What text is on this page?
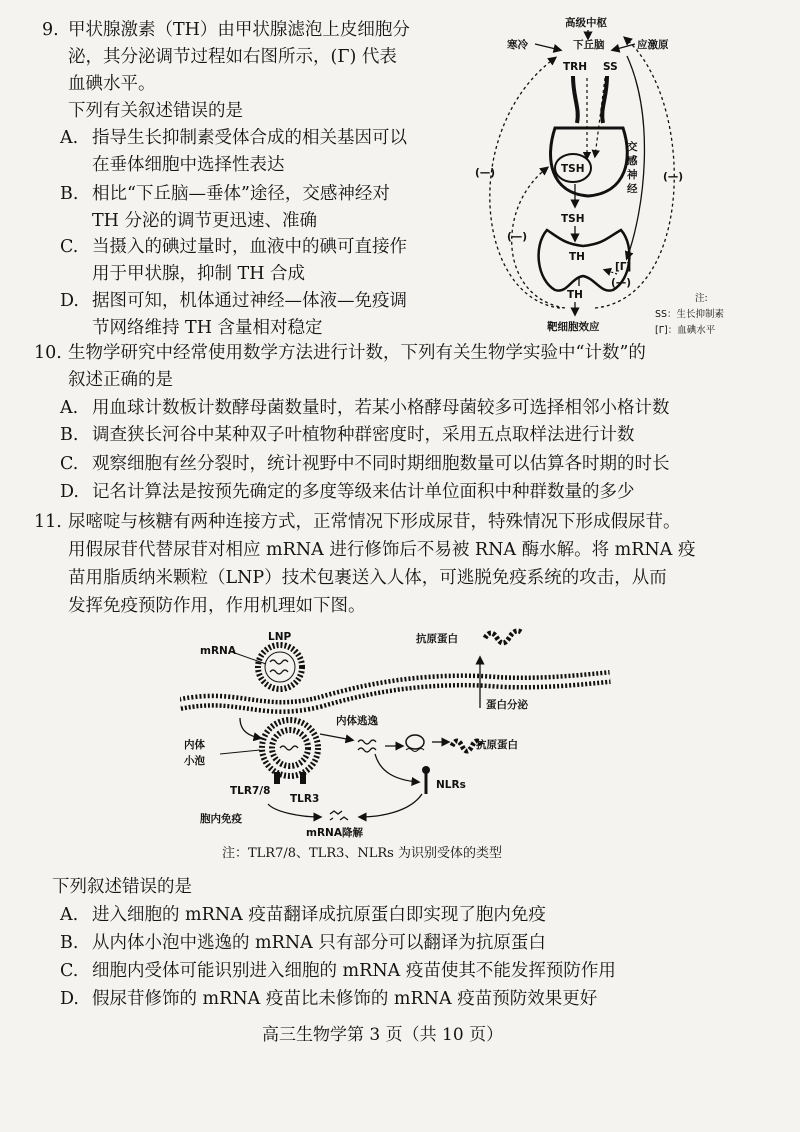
9. 甲状腺激素（TH）由甲状腺滤泡上皮细胞分
泌，其分泌调节过程如右图所示，(Γ) 代表
血碘水平。
下列有关叙述错误的是
A. 指导生长抑制素受体合成的相关基因可以
在垂体细胞中选择性表达
B. 相比“下丘脑—垂体”途径，交感神经对
TH 分泌的调节更迅速、准确
C. 当摄入的碘过量时，血液中的碘可直接作
用于甲状腺，抑制 TH 合成
D. 据图可知，机体通过神经—体液—免疫调
节网络维持 TH 含量相对稳定
高级中枢
寒冷	应激原
下丘脑
TRH SS
TSH
TSH
TH
TH
靶细胞效应
交
感
神
经
(—)
(—)
(—)
[Γ]
(—)
注:
SS：生长抑制素
[Γ]：血碘水平
10. 生物学研究中经常使用数学方法进行计数，下列有关生物学实验中“计数”的
叙述正确的是
A. 用血球计数板计数酵母菌数量时，若某小格酵母菌较多可选择相邻小格计数
B. 调查狭长河谷中某种双子叶植物种群密度时，采用五点取样法进行计数
C. 观察细胞有丝分裂时，统计视野中不同时期细胞数量可以估算各时期的时长
D. 记名计算法是按预先确定的多度等级来估计单位面积中种群数量的多少
11. 尿嘧啶与核糖有两种连接方式，正常情况下形成尿苷，特殊情况下形成假尿苷。
用假尿苷代替尿苷对相应 mRNA 进行修饰后不易被 RNA 酶水解。将 mRNA 疫
苗用脂质纳米颗粒（LNP）技术包裹送入人体，可逃脱免疫系统的攻击，从而
发挥免疫预防作用，作用机理如下图。
mRNA
LNP	抗原蛋白
蛋白分泌
内体
小泡
TLR7/8
TLR3
内体逃逸
抗原蛋白
NLRs
胞内免疫
mRNA降解
注：TLR7/8、TLR3、NLRs 为识别受体的类型
下列叙述错误的是
A. 进入细胞的 mRNA 疫苗翻译成抗原蛋白即实现了胞内免疫
B. 从内体小泡中逃逸的 mRNA 只有部分可以翻译为抗原蛋白
C. 细胞内受体可能识别进入细胞的 mRNA 疫苗使其不能发挥预防作用
D. 假尿苷修饰的 mRNA 疫苗比未修饰的 mRNA 疫苗预防效果更好
高三生物学第 3 页（共 10 页）
